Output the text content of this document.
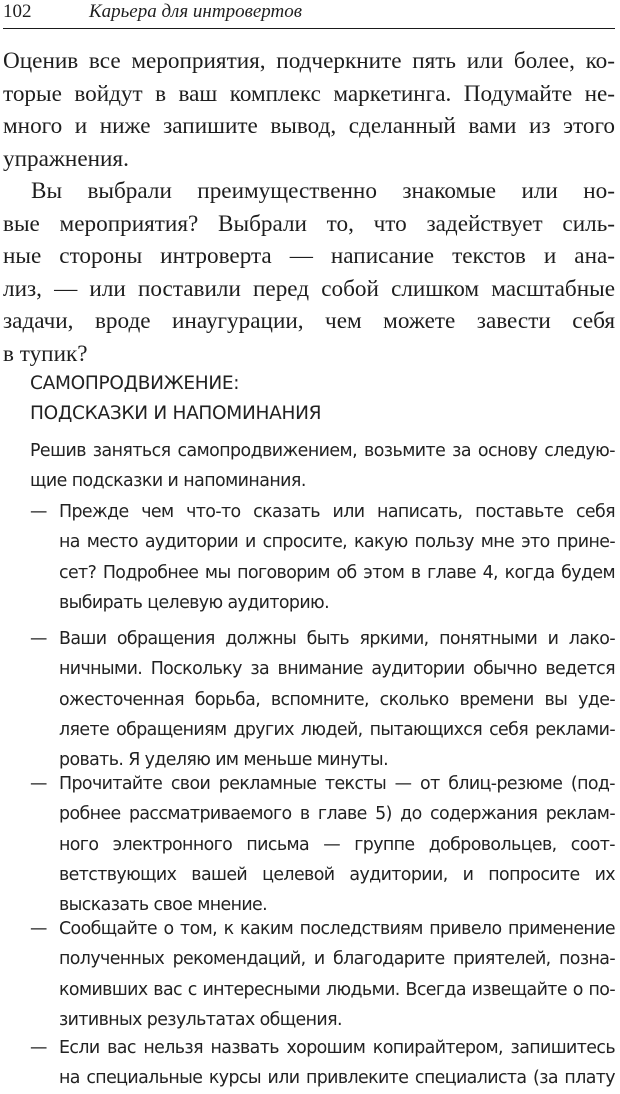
102	Карьера для интровертов
Оценив все мероприятия, подчеркните пять или более, ко-
торые войдут в ваш комплекс маркетинга. Подумайте не-
много и ниже запишите вывод, сделанный вами из этого
упражнения.
Вы выбрали преимущественно знакомые или но-
вые мероприятия? Выбрали то, что задействует силь-
ные стороны интроверта — написание текстов и ана-
лиз, — или поставили перед собой слишком масштабные
задачи, вроде инаугурации, чем можете завести себя
в тупик?
САМОПРОДВИЖЕНИЕ:
ПОДСКАЗКИ И НАПОМИНАНИЯ
Решив заняться самопродвижением, возьмите за основу следую-
щие подсказки и напоминания.
— Прежде чем что-то сказать или написать, поставьте себя
на место аудитории и спросите, какую пользу мне это прине-
сет? Подробнее мы поговорим об этом в главе 4, когда будем
выбирать целевую аудиторию.
— Ваши обращения должны быть яркими, понятными и лако-
ничными. Поскольку за внимание аудитории обычно ведется
ожесточенная борьба, вспомните, сколько времени вы уде-
ляете обращениям других людей, пытающихся себя реклами-
ровать. Я уделяю им меньше минуты.
— Прочитайте свои рекламные тексты — от блиц-резюме (под-
робнее рассматриваемого в главе 5) до содержания реклам-
ного электронного письма — группе добровольцев, соот-
ветствующих вашей целевой аудитории, и попросите их
высказать свое мнение.
— Сообщайте о том, к каким последствиям привело применение
полученных рекомендаций, и благодарите приятелей, позна-
комивших вас с интересными людьми. Всегда извещайте о по-
зитивных результатах общения.
— Если вас нельзя назвать хорошим копирайтером, запишитесь
на специальные курсы или привлеките специалиста (за плату
